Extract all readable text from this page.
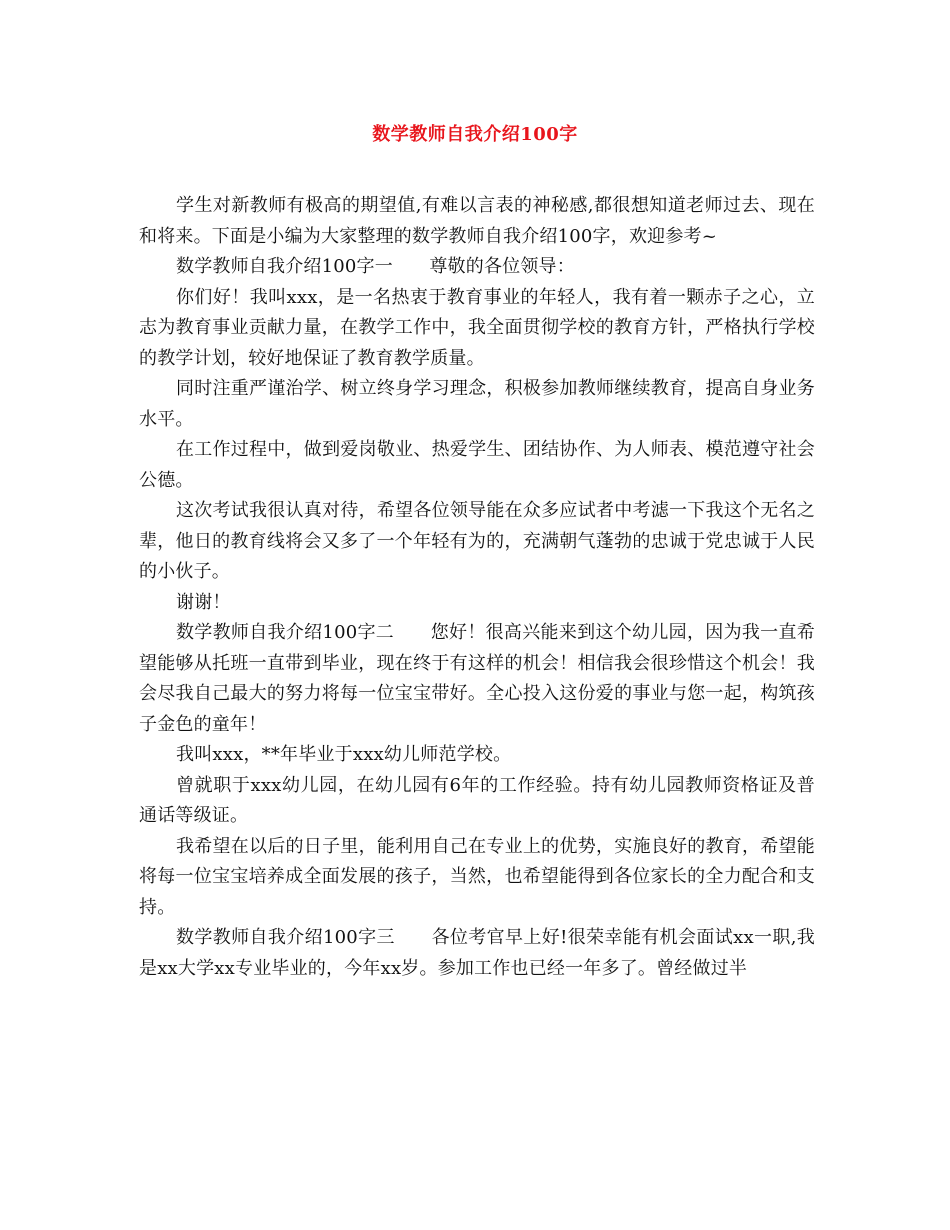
数学教师自我介绍100字

学生对新教师有极高的期望值,有难以言表的神秘感,都很想知道老师过去、现在和将来。下面是小编为大家整理的数学教师自我介绍100字，欢迎参考~

数学教师自我介绍100字一　　尊敬的各位领导：

你们好！我叫xxx，是一名热衷于教育事业的年轻人，我有着一颗赤子之心，立志为教育事业贡献力量，在教学工作中，我全面贯彻学校的教育方针，严格执行学校的教学计划，较好地保证了教育教学质量。

同时注重严谨治学、树立终身学习理念，积极参加教师继续教育，提高自身业务水平。

在工作过程中，做到爱岗敬业、热爱学生、团结协作、为人师表、模范遵守社会公德。

这次考试我很认真对待，希望各位领导能在众多应试者中考滤一下我这个无名之辈，他日的教育线将会又多了一个年轻有为的，充满朝气蓬勃的忠诚于党忠诚于人民的小伙子。

谢谢！

数学教师自我介绍100字二　　您好！很高兴能来到这个幼儿园，因为我一直希望能够从托班一直带到毕业，现在终于有这样的机会！相信我会很珍惜这个机会！我会尽我自己最大的努力将每一位宝宝带好。全心投入这份爱的事业与您一起，构筑孩子金色的童年！

我叫xxx，**年毕业于xxx幼儿师范学校。

曾就职于xxx幼儿园，在幼儿园有6年的工作经验。持有幼儿园教师资格证及普通话等级证。

我希望在以后的日子里，能利用自己在专业上的优势，实施良好的教育，希望能将每一位宝宝培养成全面发展的孩子，当然，也希望能得到各位家长的全力配合和支持。

数学教师自我介绍100字三　　各位考官早上好!很荣幸能有机会面试xx一职,我是xx大学xx专业毕业的，今年xx岁。参加工作也已经一年多了。曾经做过半
